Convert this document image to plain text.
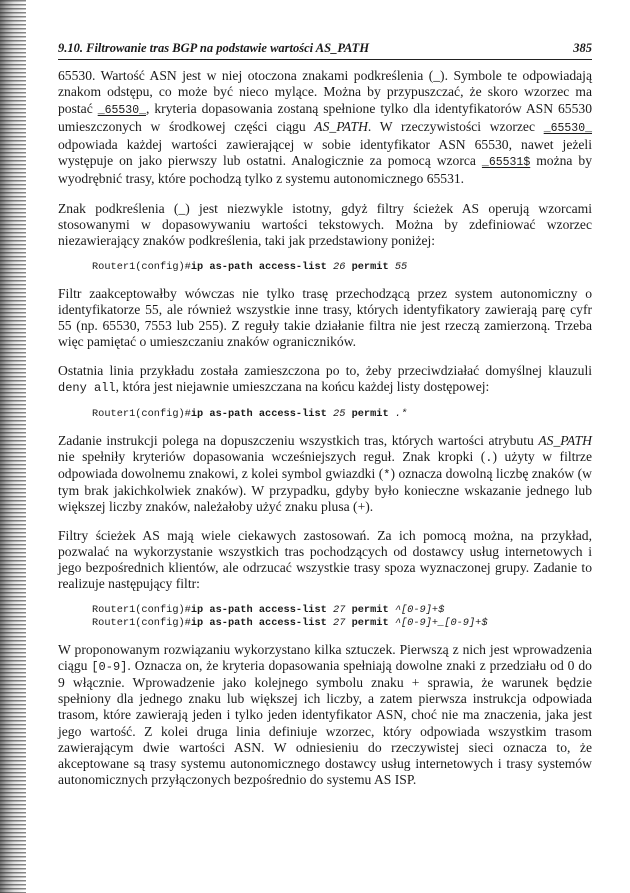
9.10. Filtrowanie tras BGP na podstawie wartości AS_PATH	385

65530. Wartość ASN jest w niej otoczona znakami podkreślenia (_). Symbole te odpowiadają znakom odstępu, co może być nieco mylące. Można by przypuszczać, że skoro wzorzec ma postać _65530_, kryteria dopasowania zostaną spełnione tylko dla identyfikatorów ASN 65530 umieszczonych w środkowej części ciągu AS_PATH. W rzeczywistości wzorzec _65530_ odpowiada każdej wartości zawierającej w sobie identyfikator ASN 65530, nawet jeżeli występuje on jako pierwszy lub ostatni. Analogicznie za pomocą wzorca _65531$ można by wyodrębnić trasy, które pochodzą tylko z systemu autonomicznego 65531.

Znak podkreślenia (_) jest niezwykle istotny, gdyż filtry ścieżek AS operują wzorcami stosowanymi w dopasowywaniu wartości tekstowych. Można by zdefiniować wzorzec niezawierający znaków podkreślenia, taki jak przedstawiony poniżej:

Router1(config)#ip as-path access-list 26 permit 55

Filtr zaakceptowałby wówczas nie tylko trasę przechodzącą przez system autonomiczny o identyfikatorze 55, ale również wszystkie inne trasy, których identyfikatory zawierają parę cyfr 55 (np. 65530, 7553 lub 255). Z reguły takie działanie filtra nie jest rzeczą zamierzoną. Trzeba więc pamiętać o umieszczaniu znaków ograniczników.

Ostatnia linia przykładu została zamieszczona po to, żeby przeciwdziałać domyślnej klauzuli deny all, która jest niejawnie umieszczana na końcu każdej listy dostępowej:

Router1(config)#ip as-path access-list 25 permit .*

Zadanie instrukcji polega na dopuszczeniu wszystkich tras, których wartości atrybutu AS_PATH nie spełniły kryteriów dopasowania wcześniejszych reguł. Znak kropki (.) użyty w filtrze odpowiada dowolnemu znakowi, z kolei symbol gwiazdki (*) oznacza dowolną liczbę znaków (w tym brak jakichkolwiek znaków). W przypadku, gdyby było konieczne wskazanie jednego lub większej liczby znaków, należałoby użyć znaku plusa (+).

Filtry ścieżek AS mają wiele ciekawych zastosowań. Za ich pomocą można, na przykład, pozwalać na wykorzystanie wszystkich tras pochodzących od dostawcy usług internetowych i jego bezpośrednich klientów, ale odrzucać wszystkie trasy spoza wyznaczonej grupy. Zadanie to realizuje następujący filtr:

Router1(config)#ip as-path access-list 27 permit ^[0-9]+$
Router1(config)#ip as-path access-list 27 permit ^[0-9]+_[0-9]+$

W proponowanym rozwiązaniu wykorzystano kilka sztuczek. Pierwszą z nich jest wprowadzenia ciągu [0-9]. Oznacza on, że kryteria dopasowania spełniają dowolne znaki z przedziału od 0 do 9 włącznie. Wprowadzenie jako kolejnego symbolu znaku + sprawia, że warunek będzie spełniony dla jednego znaku lub większej ich liczby, a zatem pierwsza instrukcja odpowiada trasom, które zawierają jeden i tylko jeden identyfikator ASN, choć nie ma znaczenia, jaka jest jego wartość. Z kolei druga linia definiuje wzorzec, który odpowiada wszystkim trasom zawierającym dwie wartości ASN. W odniesieniu do rzeczywistej sieci oznacza to, że akceptowane są trasy systemu autonomicznego dostawcy usług internetowych i trasy systemów autonomicznych przyłączonych bezpośrednio do systemu AS ISP.
